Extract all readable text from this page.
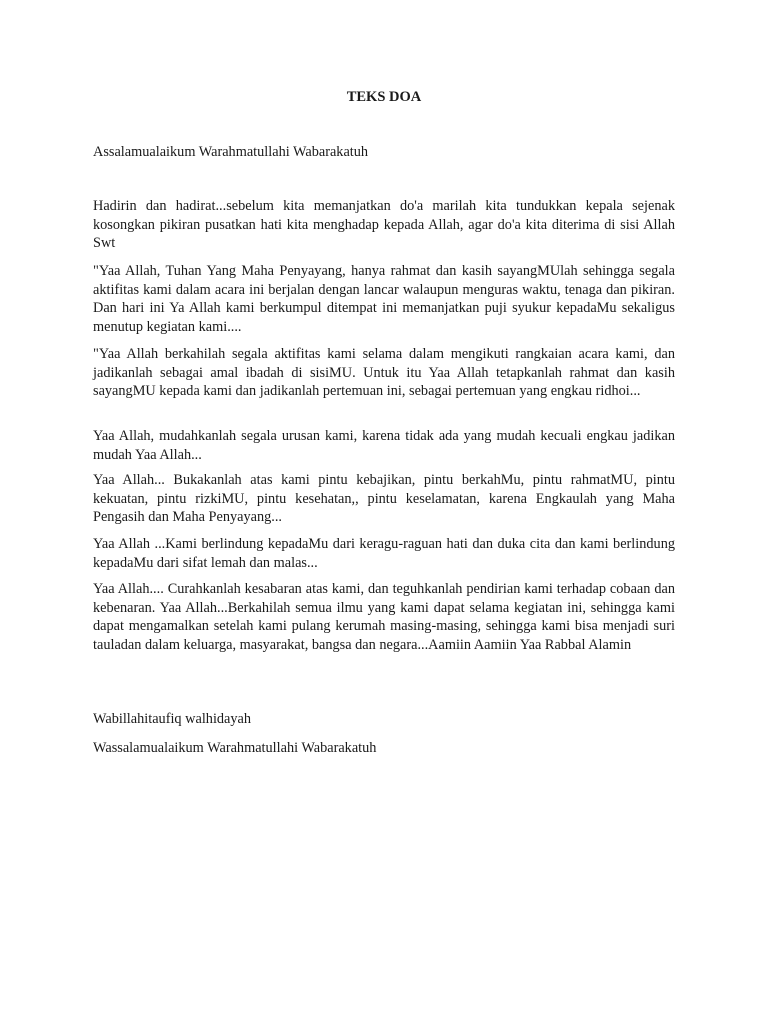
TEKS DOA

Assalamualaikum Warahmatullahi Wabarakatuh

Hadirin dan hadirat...sebelum kita memanjatkan do'a marilah kita tundukkan kepala sejenak kosongkan pikiran pusatkan hati kita menghadap kepada Allah, agar do'a kita diterima di sisi Allah Swt

"Yaa Allah, Tuhan Yang Maha Penyayang, hanya rahmat dan kasih sayangMUlah sehingga segala aktifitas kami dalam acara ini berjalan dengan lancar walaupun menguras waktu, tenaga dan pikiran. Dan hari ini Ya Allah kami berkumpul ditempat ini memanjatkan puji syukur kepadaMu sekaligus menutup kegiatan kami....

"Yaa Allah berkahilah segala aktifitas kami selama dalam mengikuti rangkaian acara kami, dan jadikanlah sebagai amal ibadah di sisiMU. Untuk itu Yaa Allah tetapkanlah rahmat dan kasih sayangMU kepada kami dan jadikanlah pertemuan ini, sebagai pertemuan yang engkau ridhoi...

Yaa Allah, mudahkanlah segala urusan kami, karena tidak ada yang mudah kecuali engkau jadikan mudah Yaa Allah...

Yaa Allah... Bukakanlah atas kami pintu kebajikan, pintu berkahMu, pintu rahmatMU, pintu kekuatan, pintu rizkiMU, pintu kesehatan,, pintu keselamatan, karena Engkaulah yang Maha Pengasih dan Maha Penyayang...

Yaa Allah ...Kami berlindung kepadaMu dari keragu-raguan hati dan duka cita dan kami berlindung kepadaMu dari sifat lemah dan malas...

Yaa Allah.... Curahkanlah kesabaran atas kami, dan teguhkanlah pendirian kami terhadap cobaan dan kebenaran. Yaa Allah...Berkahilah semua ilmu yang kami dapat selama kegiatan ini, sehingga kami dapat mengamalkan setelah kami pulang kerumah masing-masing, sehingga kami bisa menjadi suri tauladan dalam keluarga, masyarakat, bangsa dan negara...Aamiin Aamiin Yaa Rabbal Alamin

Wabillahitaufiq walhidayah

Wassalamualaikum Warahmatullahi Wabarakatuh
